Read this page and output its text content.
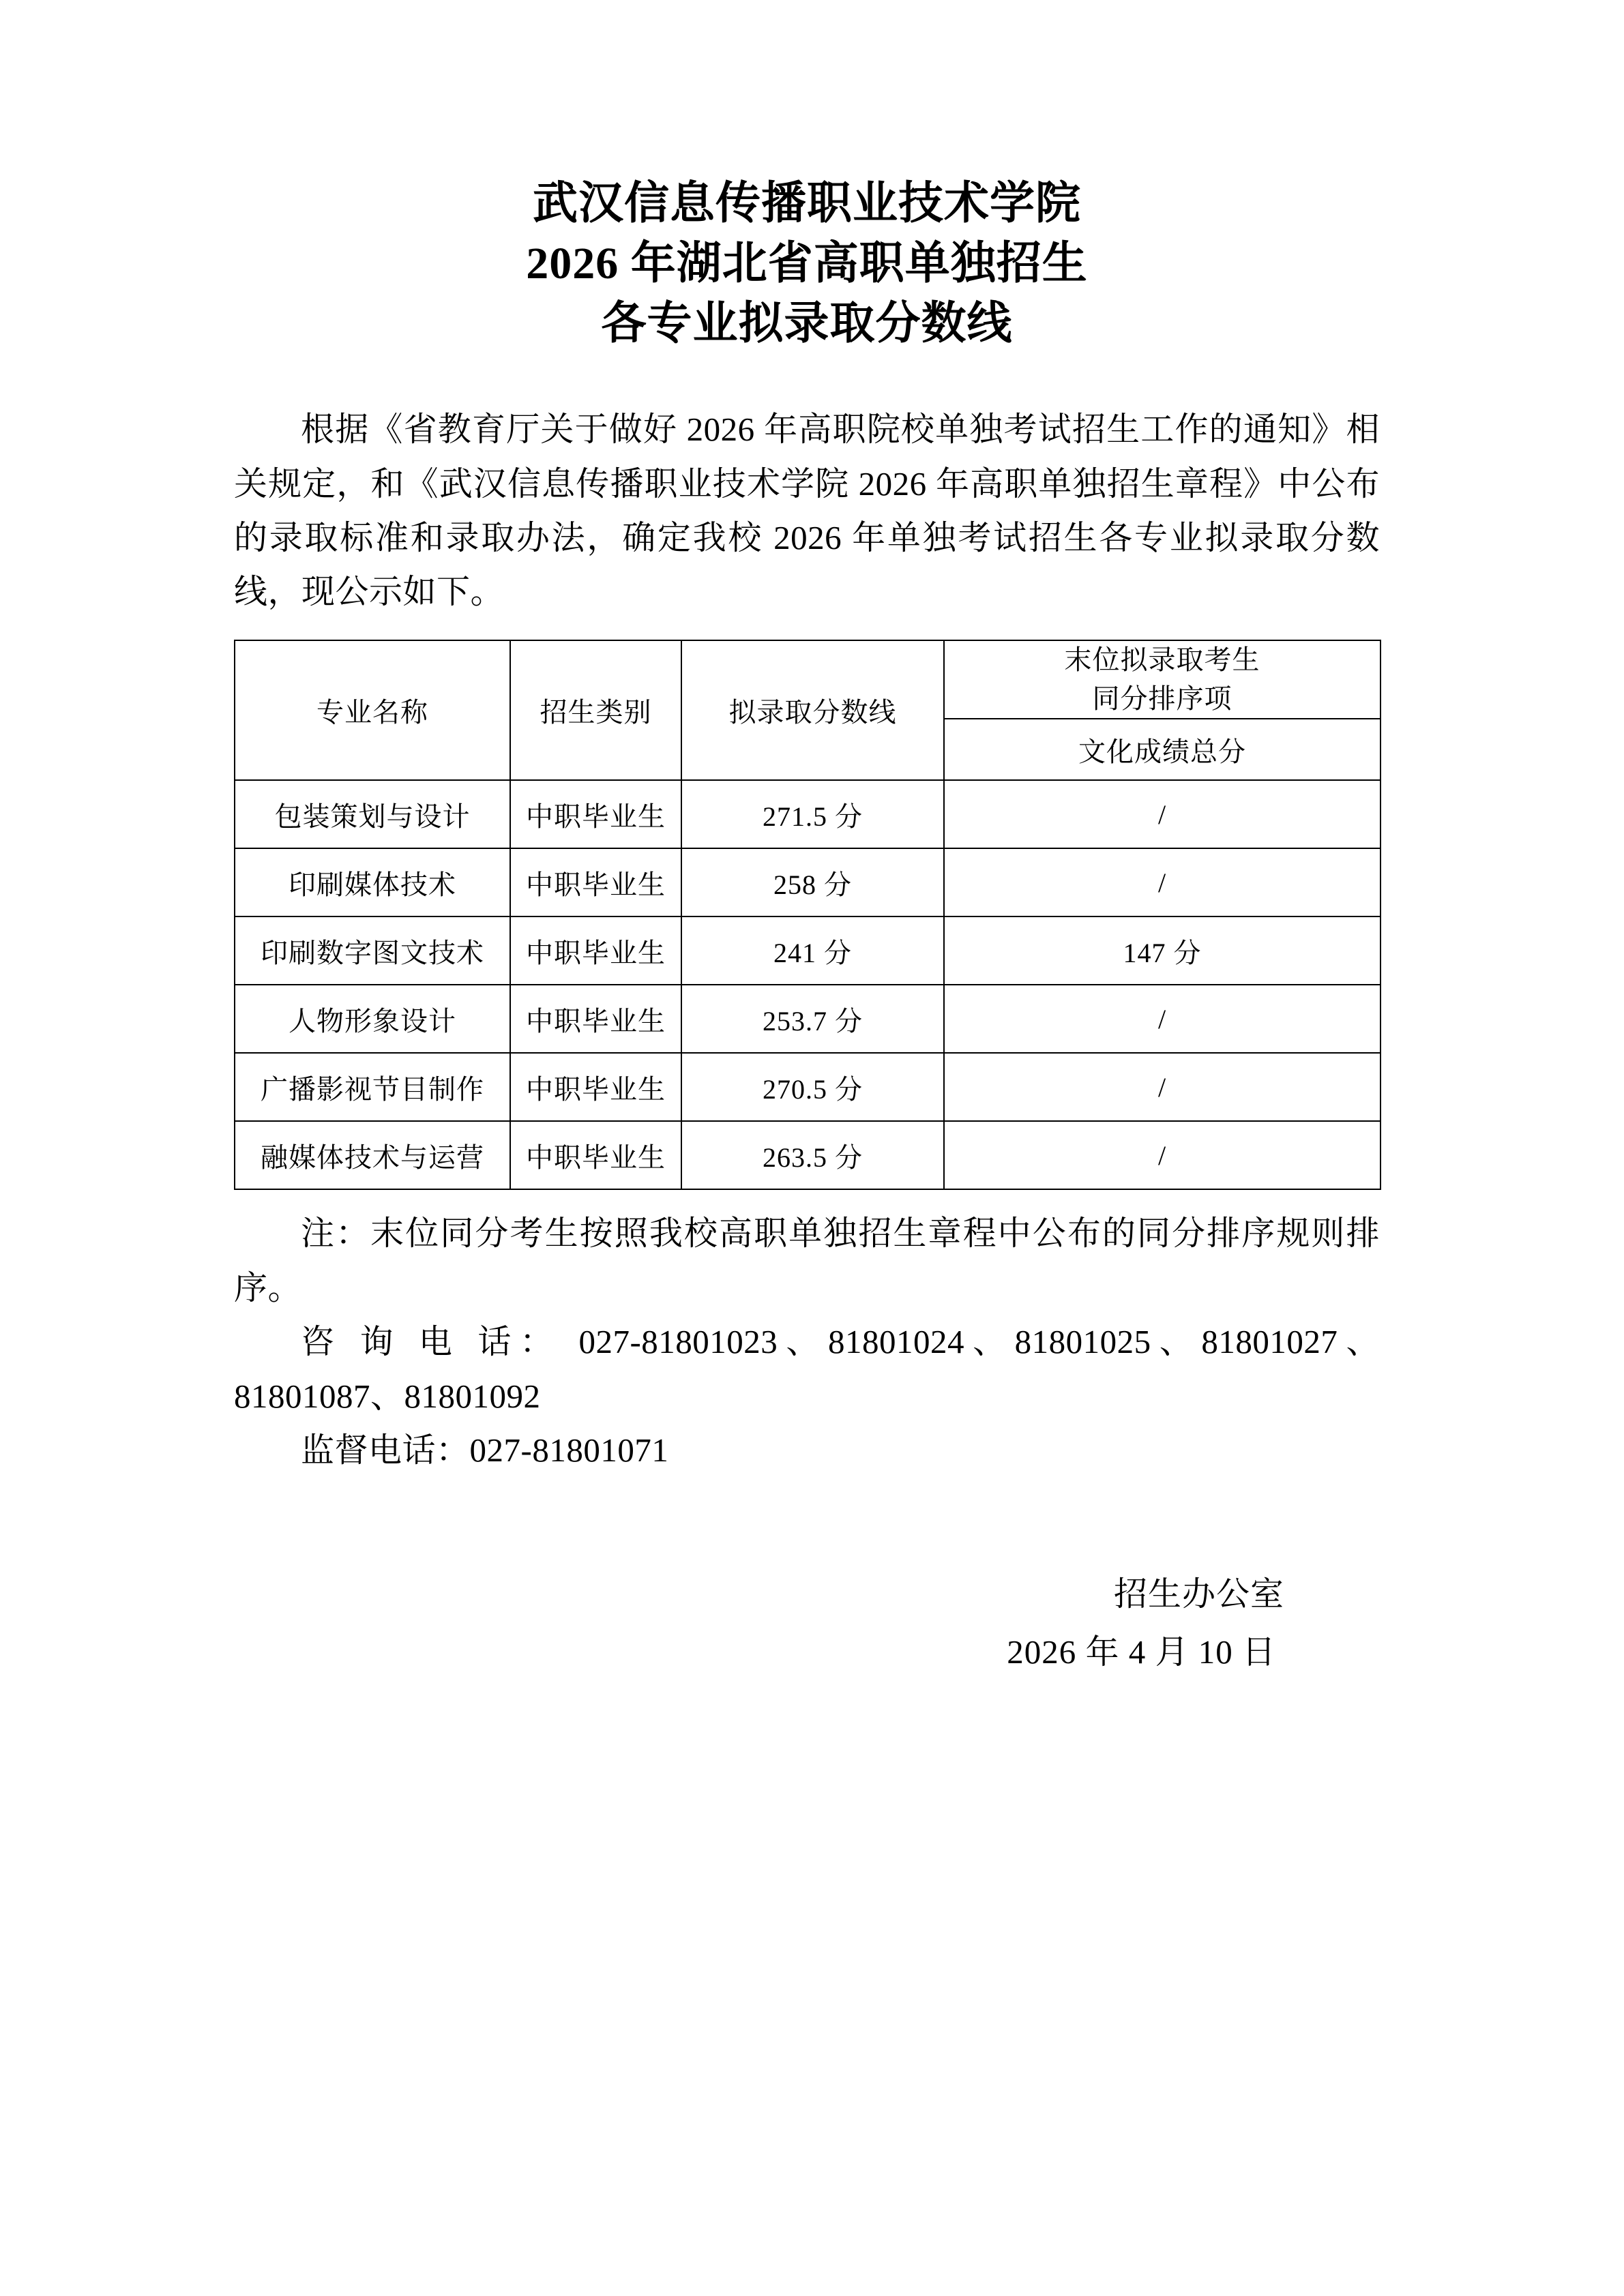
武汉信息传播职业技术学院
2026 年湖北省高职单独招生
各专业拟录取分数线

根据《省教育厅关于做好 2026 年高职院校单独考试招生工作的通知》相关规定，和《武汉信息传播职业技术学院 2026 年高职单独招生章程》中公布的录取标准和录取办法，确定我校 2026 年单独考试招生各专业拟录取分数线，现公示如下。

专业名称	招生类别	拟录取分数线	末位拟录取考生
同分排序项
			文化成绩总分
包装策划与设计	中职毕业生	271.5 分	/
印刷媒体技术	中职毕业生	258 分	/
印刷数字图文技术	中职毕业生	241 分	147 分
人物形象设计	中职毕业生	253.7 分	/
广播影视节目制作	中职毕业生	270.5 分	/
融媒体技术与运营	中职毕业生	263.5 分	/

注：末位同分考生按照我校高职单独招生章程中公布的同分排序规则排序。

咨 询 电 话： 027-81801023、81801024、81801025、81801027、81801087、81801092

监督电话：027-81801071

招生办公室
2026 年 4 月 10 日
